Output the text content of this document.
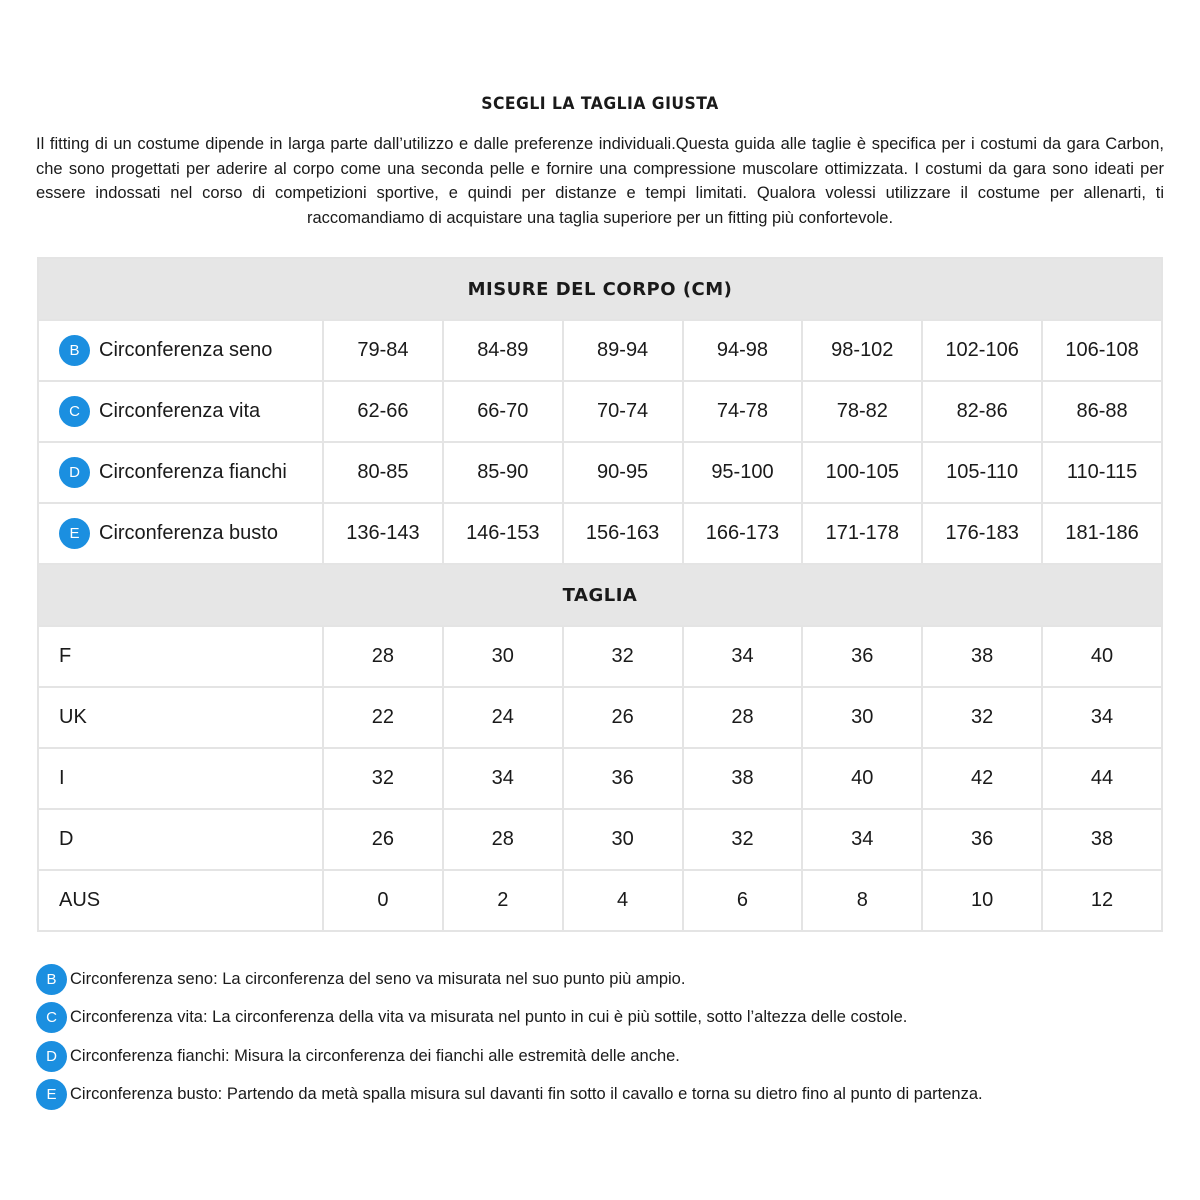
SCEGLI LA TAGLIA GIUSTA
Il fitting di un costume dipende in larga parte dall’utilizzo e dalle preferenze individuali.Questa guida alle taglie è specifica per i costumi da gara Carbon, che sono progettati per aderire al corpo come una seconda pelle e fornire una compressione muscolare ottimizzata. I costumi da gara sono ideati per essere indossati nel corso di competizioni sportive, e quindi per distanze e tempi limitati. Qualora volessi utilizzare il costume per allenarti, ti raccomandiamo di acquistare una taglia superiore per un fitting più confortevole.
MISURE DEL CORPO (CM)							

B Circonferenza seno	79-84	84-89	89-94	94-98	98-102	102-106	106-108

C Circonferenza vita	62-66	66-70	70-74	74-78	78-82	82-86	86-88

D Circonferenza fianchi	80-85	85-90	90-95	95-100	100-105	105-110	110-115

E Circonferenza busto	136-143	146-153	156-163	166-173	171-178	176-183	181-186
TAGLIA							

F	28	30	32	34	36	38	40

UK	22	24	26	28	30	32	34

I	32	34	36	38	40	42	44

D	26	28	30	32	34	36	38

AUS	0	2	4	6	8	10	12
B Circonferenza seno: La circonferenza del seno va misurata nel suo punto più ampio.
C Circonferenza vita: La circonferenza della vita va misurata nel punto in cui è più sottile, sotto l’altezza delle costole.
D Circonferenza fianchi: Misura la circonferenza dei fianchi alle estremità delle anche.
E Circonferenza busto: Partendo da metà spalla misura sul davanti fin sotto il cavallo e torna su dietro fino al punto di partenza.
